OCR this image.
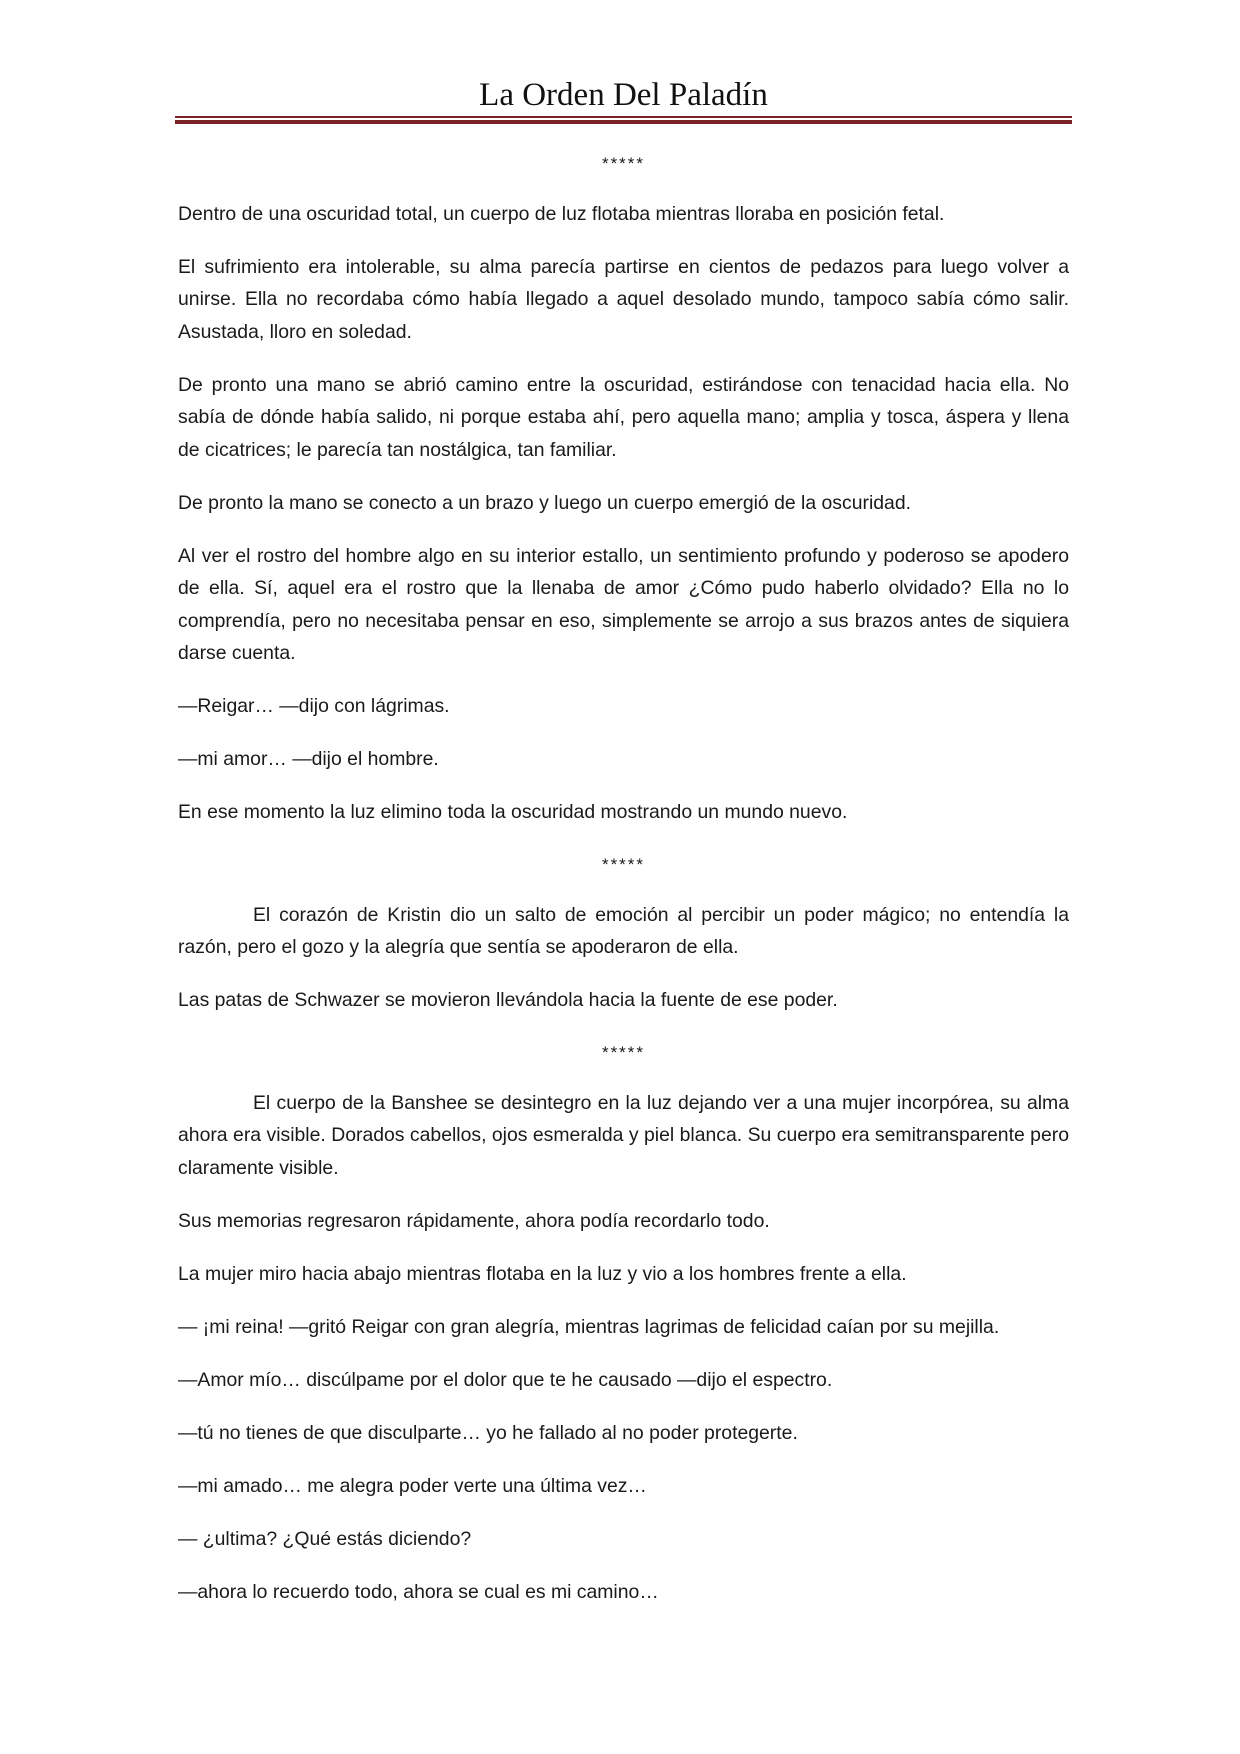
La Orden Del Paladín

*****

Dentro de una oscuridad total, un cuerpo de luz flotaba mientras lloraba en posición fetal.

El sufrimiento era intolerable, su alma parecía partirse en cientos de pedazos para luego volver a unirse. Ella no recordaba cómo había llegado a aquel desolado mundo, tampoco sabía cómo salir. Asustada, lloro en soledad.

De pronto una mano se abrió camino entre la oscuridad, estirándose con tenacidad hacia ella. No sabía de dónde había salido, ni porque estaba ahí, pero aquella mano; amplia y tosca, áspera y llena de cicatrices; le parecía tan nostálgica, tan familiar.

De pronto la mano se conecto a un brazo y luego un cuerpo emergió de la oscuridad.

Al ver el rostro del hombre algo en su interior estallo, un sentimiento profundo y poderoso se apodero de ella. Sí, aquel era el rostro que la llenaba de amor ¿Cómo pudo haberlo olvidado? Ella no lo comprendía, pero no necesitaba pensar en eso, simplemente se arrojo a sus brazos antes de siquiera darse cuenta.

—Reigar… —dijo con lágrimas.

—mi amor… —dijo el hombre.

En ese momento la luz elimino toda la oscuridad mostrando un mundo nuevo.

*****

El corazón de Kristin dio un salto de emoción al percibir un poder mágico; no entendía la razón, pero el gozo y la alegría que sentía se apoderaron de ella.

Las patas de Schwazer se movieron llevándola hacia la fuente de ese poder.

*****

El cuerpo de la Banshee se desintegro en la luz dejando ver a una mujer incorpórea, su alma ahora era visible. Dorados cabellos, ojos esmeralda y piel blanca. Su cuerpo era semitransparente pero claramente visible.

Sus memorias regresaron rápidamente, ahora podía recordarlo todo.

La mujer miro hacia abajo mientras flotaba en la luz y vio a los hombres frente a ella.

— ¡mi reina! —gritó Reigar con gran alegría, mientras lagrimas de felicidad caían por su mejilla.

—Amor mío… discúlpame por el dolor que te he causado —dijo el espectro.

—tú no tienes de que disculparte… yo he fallado al no poder protegerte.

—mi amado… me alegra poder verte una última vez…

— ¿ultima? ¿Qué estás diciendo?

—ahora lo recuerdo todo, ahora se cual es mi camino…
